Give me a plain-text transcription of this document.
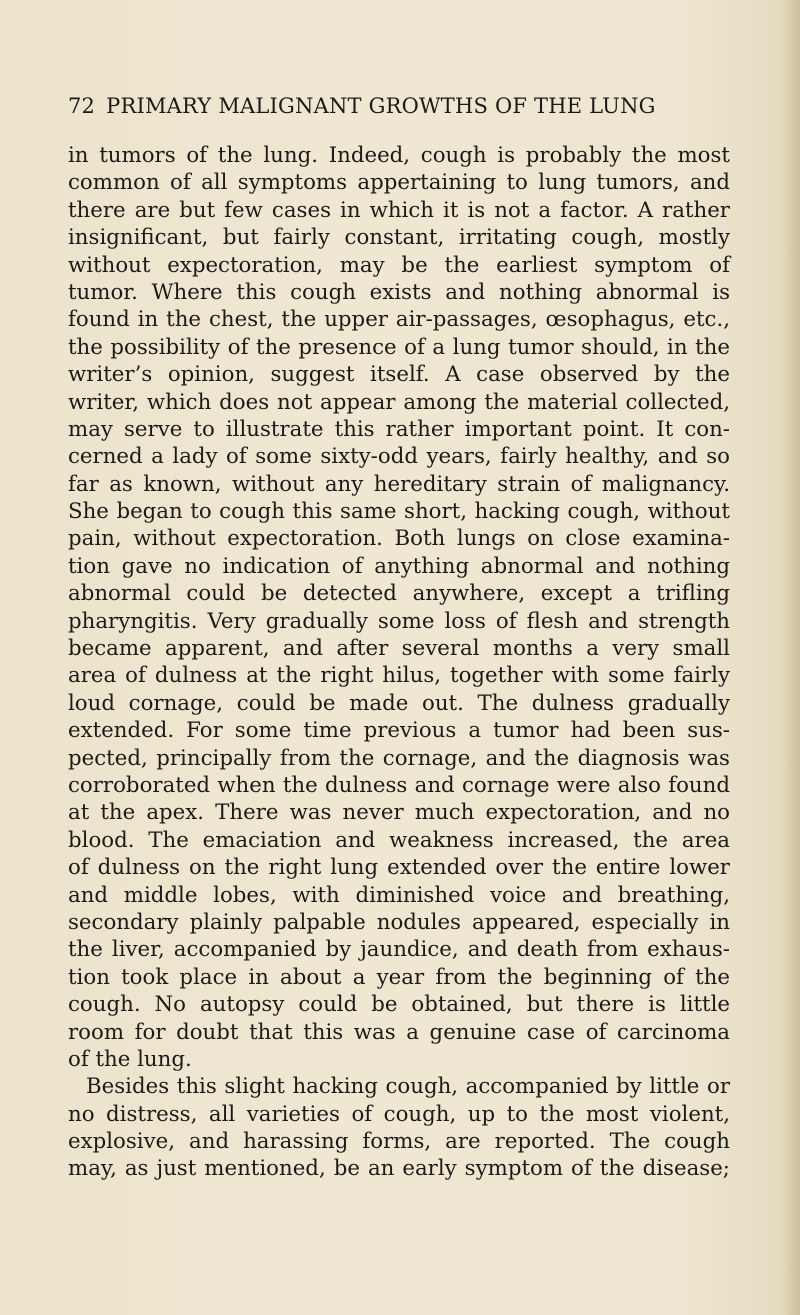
72 PRIMARY MALIGNANT GROWTHS OF THE LUNG
in tumors of the lung. Indeed, cough is probably the most
common of all symptoms appertaining to lung tumors, and
there are but few cases in which it is not a factor. A rather
insignificant, but fairly constant, irritating cough, mostly
without expectoration, may be the earliest symptom of
tumor. Where this cough exists and nothing abnormal is
found in the chest, the upper air-passages, œsophagus, etc.,
the possibility of the presence of a lung tumor should, in the
writer’s opinion, suggest itself. A case observed by the
writer, which does not appear among the material collected,
may serve to illustrate this rather important point. It con-
cerned a lady of some sixty-odd years, fairly healthy, and so
far as known, without any hereditary strain of malignancy.
She began to cough this same short, hacking cough, without
pain, without expectoration. Both lungs on close examina-
tion gave no indication of anything abnormal and nothing
abnormal could be detected anywhere, except a trifling
pharyngitis. Very gradually some loss of flesh and strength
became apparent, and after several months a very small
area of dulness at the right hilus, together with some fairly
loud cornage, could be made out. The dulness gradually
extended. For some time previous a tumor had been sus-
pected, principally from the cornage, and the diagnosis was
corroborated when the dulness and cornage were also found
at the apex. There was never much expectoration, and no
blood. The emaciation and weakness increased, the area
of dulness on the right lung extended over the entire lower
and middle lobes, with diminished voice and breathing,
secondary plainly palpable nodules appeared, especially in
the liver, accompanied by jaundice, and death from exhaus-
tion took place in about a year from the beginning of the
cough. No autopsy could be obtained, but there is little
room for doubt that this was a genuine case of carcinoma
of the lung.
Besides this slight hacking cough, accompanied by little or
no distress, all varieties of cough, up to the most violent,
explosive, and harassing forms, are reported. The cough
may, as just mentioned, be an early symptom of the disease;
